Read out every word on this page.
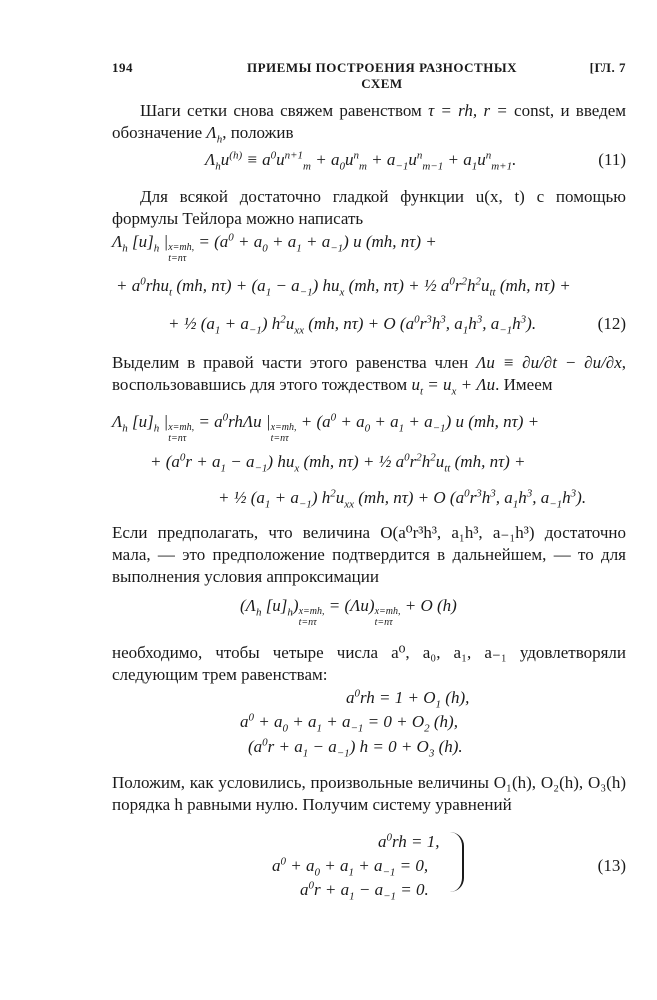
194	ПРИЕМЫ ПОСТРОЕНИЯ РАЗНОСТНЫХ СХЕМ
[ГЛ. 7
Шаги сетки снова свяжем равенством τ = rh, r = const, и введем обозначение $\Lambda_h$, положив
$\Lambda_hu^{(h)} \equiv a^0u^{n+1}_m + a_0u^n_m + a_{-1}u^n_{m-1} + a_1u^n_{m+1}$.	(11)
Для всякой достаточно гладкой функции u(x, t) с помощью формулы Тейлора можно написать
$\Lambda_h$ $[u]_h$ |x=mh,
$t=n\tau = (a^0 + a_0 + a_1 + a_{-1})$ u (mh, nτ) +
+ $a^0rhu_t$ (mh, $n\tau) + (a_1 - a_{-1})$ $hu_x$ (mh, nτ) + ½ $a^0r^2h^2u_{tt}$ (mh, nτ) +
+ ½ $(a_1 + a_{-1})$ $h^2u_{xx}$ (mh, nτ) + O ($a^0r^3h^3$, $a_1h^3$, $a_{-1}h^3$).	(12)
Выделим в правой части этого равенства член Λu ≡ ∂u/∂t − ∂u/∂x, воспользовавшись для этого тождеством $u_t = u_x + \Lambda u$. Имеем
$\Lambda_h$ $[u]_h$ |x=mh,
$t=n\tau = a^0rh\Lambda u$ |x=mh,
$t=n\tau + (a^0 + a_0 + a_1 + a_{-1})$ u (mh, nτ) +
+ $(a^0r + a_1 - a_{-1})$ $hu_x$ (mh, nτ) + ½ $a^0r^2h^2u_{tt}$ (mh, nτ) +
+ ½ $(a_1 + a_{-1})$ $h^2u_{xx}$ (mh, nτ) + O ($a^0r^3h^3$, $a_1h^3$, $a_{-1}h^3$).
Если предполагать, что величина O(a⁰r³h³, a₁h³, a₋₁h³) достаточно мала, — это предположение подтвердится в дальнейшем, — то для выполнения условия аппроксимации
($\Lambda_h$ $[u]_h)x=mh$,
t=nτ = (Λu)x=mh,
t=nτ + O (h)
необходимо, чтобы четыре числа a⁰, a₀, a₁, a₋₁ удовлетворяли следующим трем равенствам:
$a^0rh = 1 + O_1$ (h),
$a^0 + a_0 + a_1 + a_{-1} = 0 + O_2$ (h),
$(a^0r + a_1 - a_{-1}) h = 0 + O_3$ (h).
Положим, как условились, произвольные величины O₁(h), O₂(h), O₃(h) порядка h равными нулю. Получим систему уравнений
$a^0rh = 1$,
$a^0 + a_0 + a_1 + a_{-1} = 0$,
$a^0r + a_1 - a_{-1} = 0$.
(13)
